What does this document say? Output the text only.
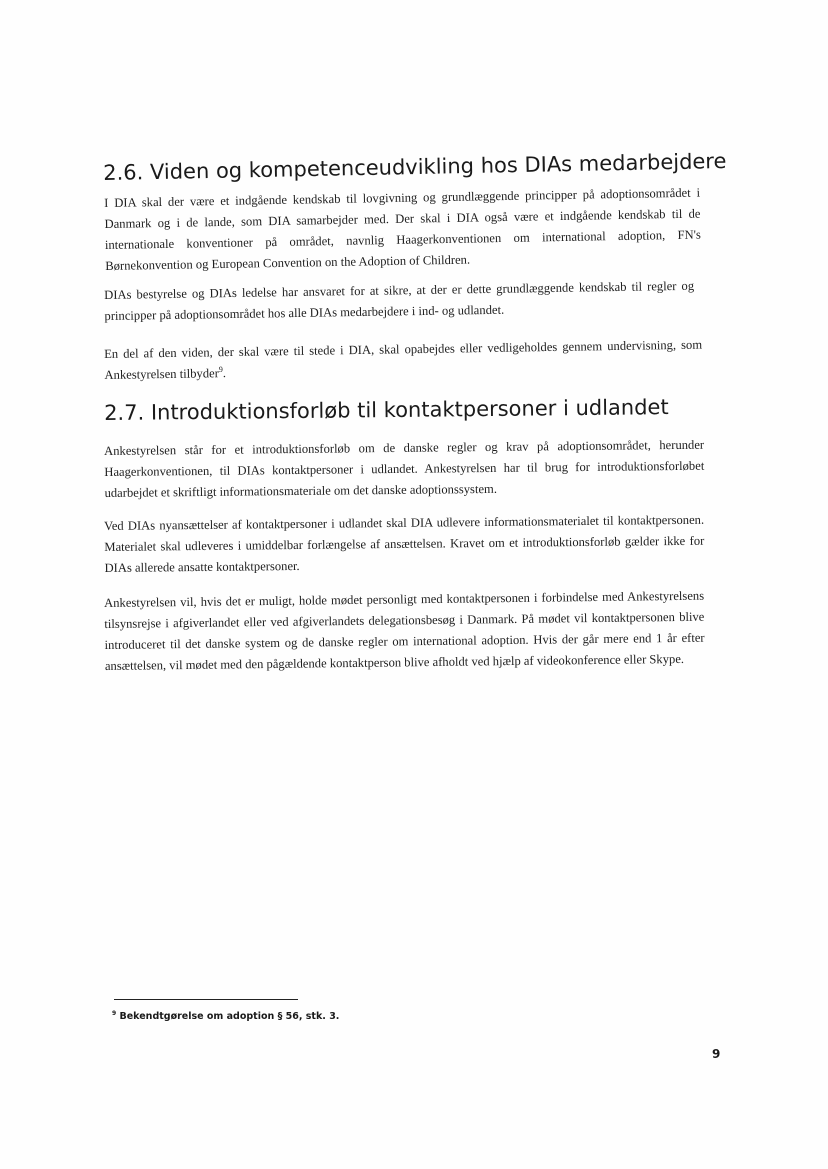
2.6. Viden og kompetenceudvikling hos DIAs medarbejdere

I DIA skal der være et indgående kendskab til lovgivning og grundlæggende principper på adoptionsområdet i Danmark og i de lande, som DIA samarbejder med. Der skal i DIA også være et indgående kendskab til de internationale konventioner på området, navnlig Haagerkonventionen om international adoption, FN's Børnekonvention og European Convention on the Adoption of Children.

DIAs bestyrelse og DIAs ledelse har ansvaret for at sikre, at der er dette grundlæggende kendskab til regler og principper på adoptionsområdet hos alle DIAs medarbejdere i ind- og udlandet.

En del af den viden, der skal være til stede i DIA, skal opabejdes eller vedligeholdes gennem undervisning, som Ankestyrelsen tilbyder$^9$.

2.7. Introduktionsforløb til kontaktpersoner i udlandet

Ankestyrelsen står for et introduktionsforløb om de danske regler og krav på adoptionsområdet, herunder Haagerkonventionen, til DIAs kontaktpersoner i udlandet. Ankestyrelsen har til brug for introduktionsforløbet udarbejdet et skriftligt informationsmateriale om det danske adoptionssystem.

Ved DIAs nyansættelser af kontaktpersoner i udlandet skal DIA udlevere informationsmaterialet til kontaktpersonen. Materialet skal udleveres i umiddelbar forlængelse af ansættelsen. Kravet om et introduktionsforløb gælder ikke for DIAs allerede ansatte kontaktpersoner.

Ankestyrelsen vil, hvis det er muligt, holde mødet personligt med kontaktpersonen i forbindelse med Ankestyrelsens tilsynsrejse i afgiverlandet eller ved afgiverlandets delegationsbesøg i Danmark. På mødet vil kontaktpersonen blive introduceret til det danske system og de danske regler om international adoption. Hvis der går mere end 1 år efter ansættelsen, vil mødet med den pågældende kontaktperson blive afholdt ved hjælp af videokonference eller Skype.

$^9$ Bekendtgørelse om adoption § 56, stk. 3.
9
